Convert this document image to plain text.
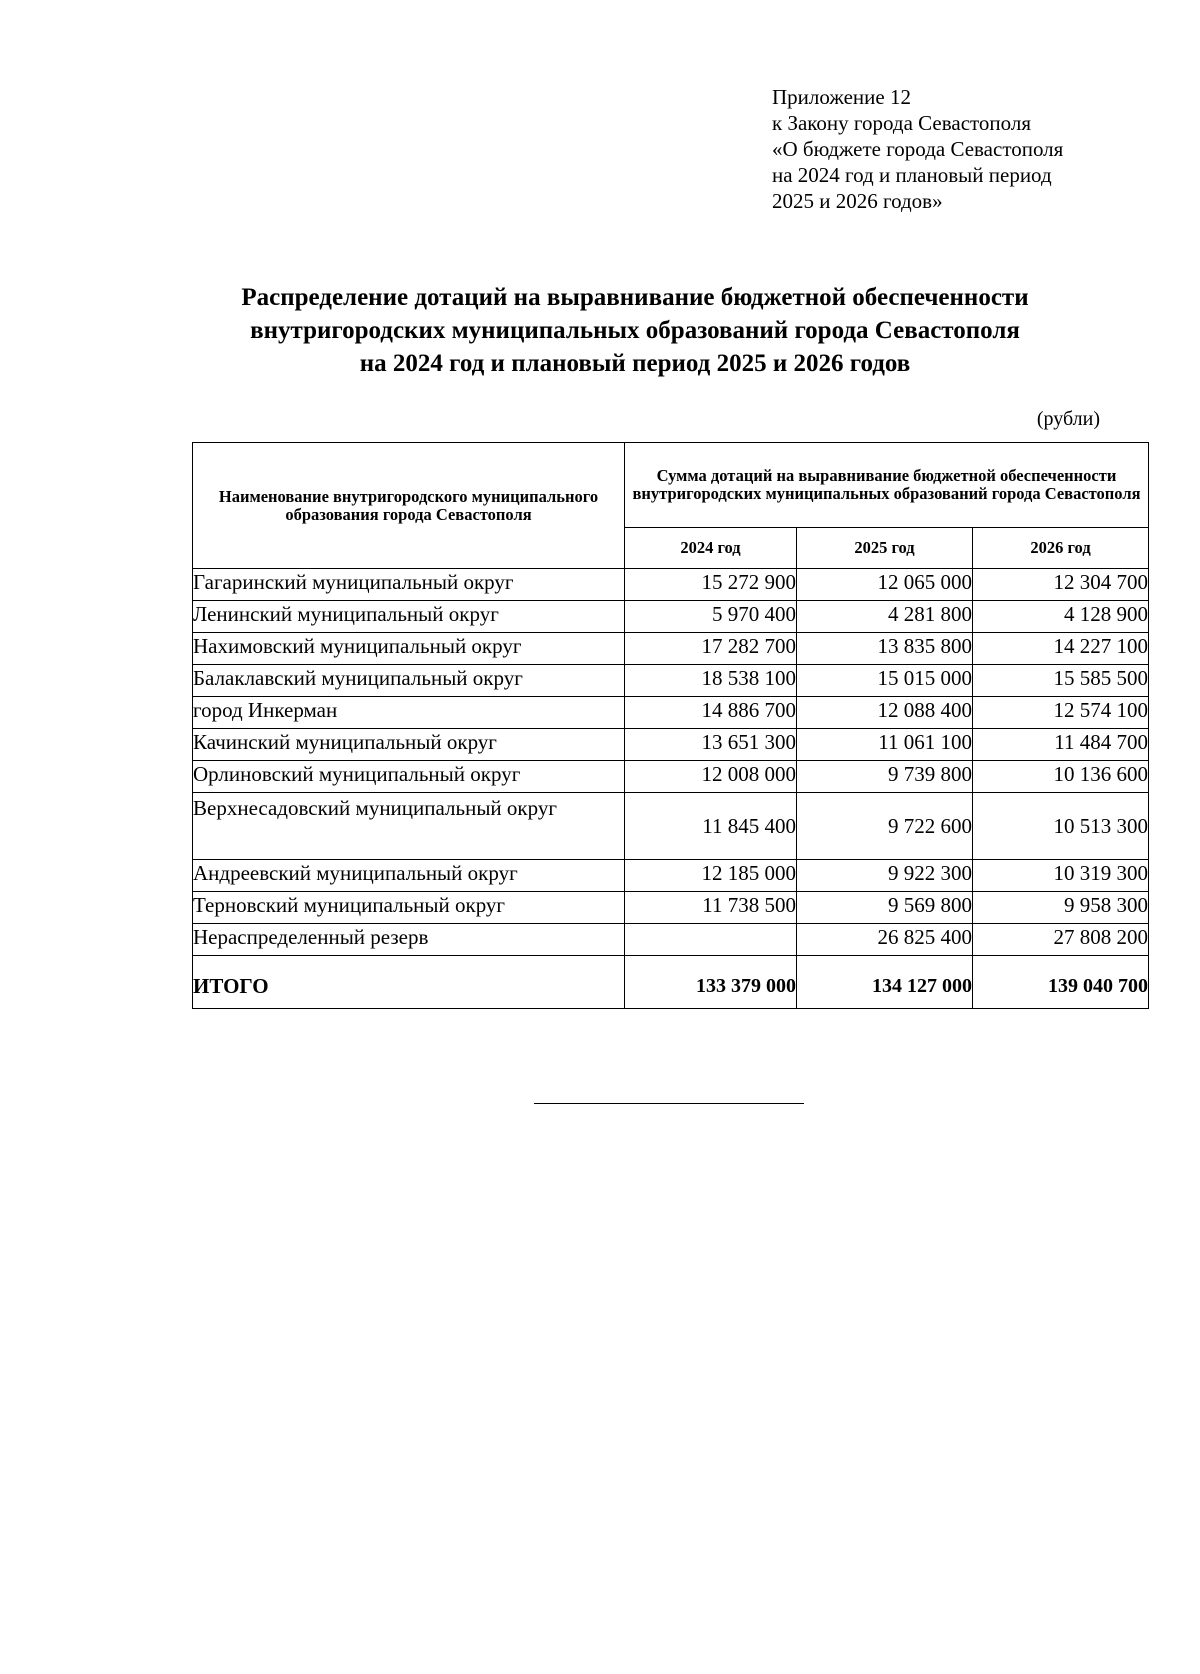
Приложение 12
к Закону города Севастополя
«О бюджете города Севастополя
на 2024 год и плановый период
2025 и 2026 годов»
Распределение дотаций на выравнивание бюджетной обеспеченности
внутригородских муниципальных образований города Севастополя
на 2024 год и плановый период 2025 и 2026 годов
(рубли)
Наименование внутригородского муниципального образования города Севастополя	Сумма дотаций на выравнивание бюджетной обеспеченности внутригородских муниципальных образований города Севастополя		
	2024 год	2025 год	2026 год
Гагаринский муниципальный округ	15 272 900	12 065 000	12 304 700
Ленинский муниципальный округ	5 970 400	4 281 800	4 128 900
Нахимовский муниципальный округ	17 282 700	13 835 800	14 227 100
Балаклавский муниципальный округ	18 538 100	15 015 000	15 585 500
город Инкерман	14 886 700	12 088 400	12 574 100
Качинский муниципальный округ	13 651 300	11 061 100	11 484 700
Орлиновский муниципальный округ	12 008 000	9 739 800	10 136 600
Верхнесадовский муниципальный округ	11 845 400	9 722 600	10 513 300
Андреевский муниципальный округ	12 185 000	9 922 300	10 319 300
Терновский муниципальный округ	11 738 500	9 569 800	9 958 300
Нераспределенный резерв		26 825 400	27 808 200
ИТОГО	133 379 000	134 127 000	139 040 700
